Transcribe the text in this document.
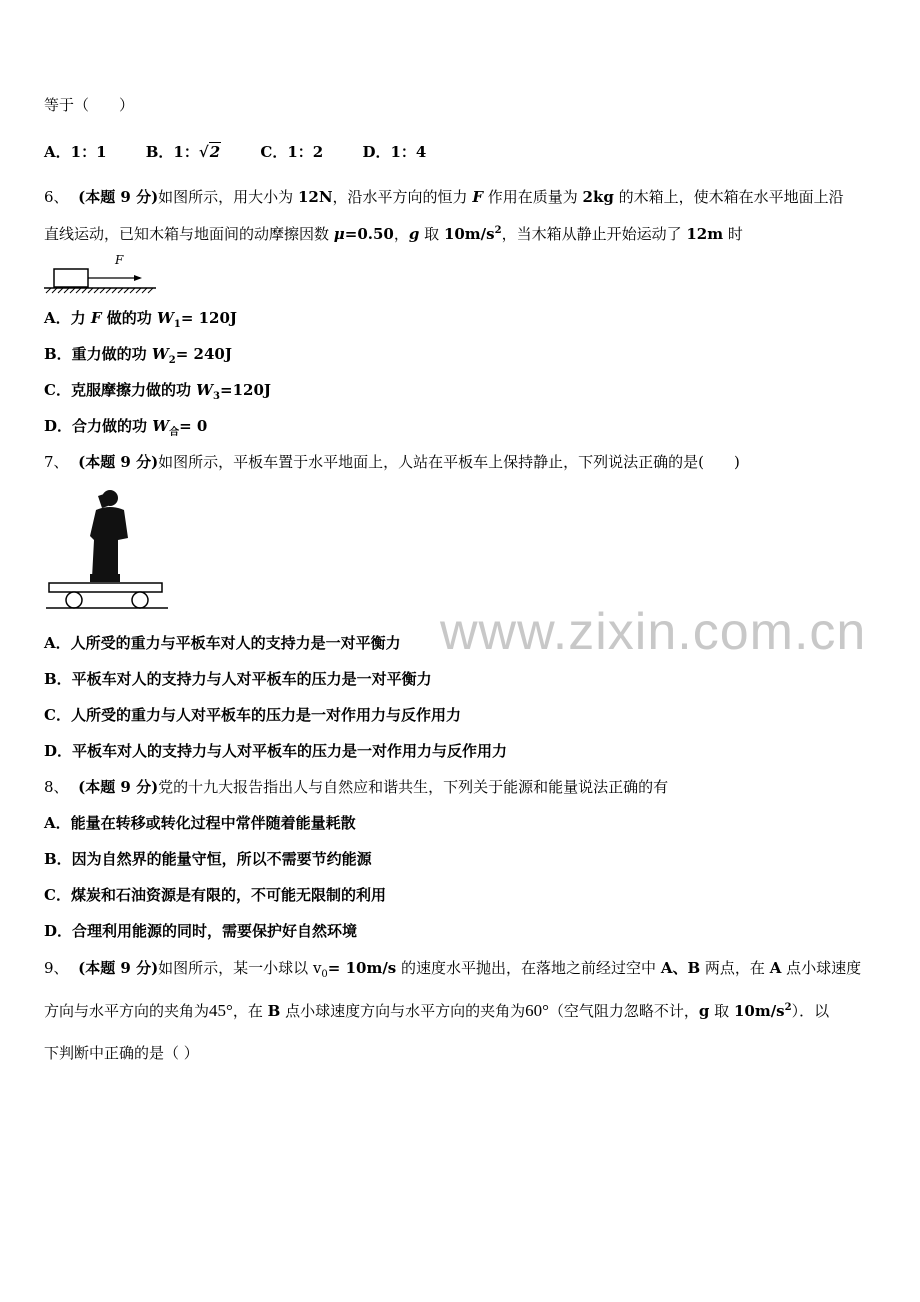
等于（　　）
A．1：1	B．1：√2	C．1：2	D．1：4
6、 (本题 9 分)如图所示，用大小为 12N，沿水平方向的恒力 F 作用在质量为 2kg 的木箱上，使木箱在水平地面上沿
直线运动，已知木箱与地面间的动摩擦因数 μ=0.50，g 取 $10m/s^2$，当木箱从静止开始运动了 12m 时
F
A．力 F 做的功 $W_1= 120J$
B．重力做的功 $W_2= 240J$
C．克服摩擦力做的功 $W_3=120J$
D．合力做的功 $W_合= 0$
7、 (本题 9 分)如图所示，平板车置于水平地面上，人站在平板车上保持静止，下列说法正确的是(　　)
A．人所受的重力与平板车对人的支持力是一对平衡力
B．平板车对人的支持力与人对平板车的压力是一对平衡力
C．人所受的重力与人对平板车的压力是一对作用力与反作用力
D．平板车对人的支持力与人对平板车的压力是一对作用力与反作用力
8、 (本题 9 分)党的十九大报告指出人与自然应和谐共生，下列关于能源和能量说法正确的有
A．能量在转移或转化过程中常伴随着能量耗散
B．因为自然界的能量守恒，所以不需要节约能源
C．煤炭和石油资源是有限的，不可能无限制的利用
D．合理利用能源的同时，需要保护好自然环境
9、 (本题 9 分)如图所示，某一小球以 $v_0= 10m/s$ 的速度水平抛出，在落地之前经过空中 A、B 两点，在 A 点小球速度
方向与水平方向的夹角为45°，在 B 点小球速度方向与水平方向的夹角为60°（空气阻力忽略不计，g 取 $10m/s^2$）．以
下判断中正确的是（ ）
www.zixin.com.cn
